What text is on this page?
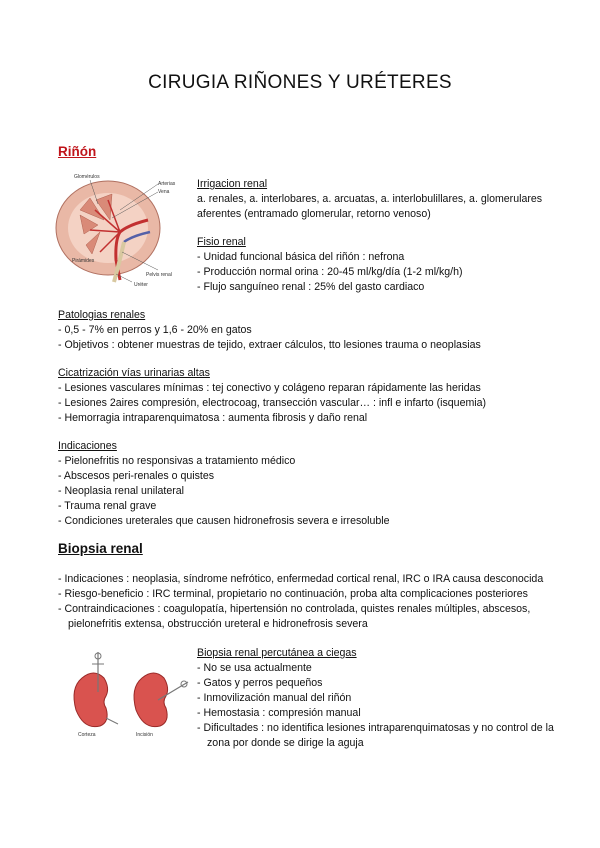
CIRUGIA RIÑONES Y URÉTERES
Riñón
Glomérulos
Arterias
Vena
Pirámides
Pelvis renal
Uréter
Irrigacion renal
a. renales, a. interlobares, a. arcuatas, a. interlobulillares, a. glomerulares
aferentes (entramado glomerular, retorno venoso)
Fisio renal
- Unidad funcional básica del riñón : nefrona
- Producción normal orina : 20-45 ml/kg/día (1-2 ml/kg/h)
- Flujo sanguíneo renal : 25% del gasto cardiaco
Patologias renales
- 0,5 - 7% en perros y 1,6 - 20% en gatos
- Objetivos : obtener muestras de tejido, extraer cálculos, tto lesiones trauma o neoplasias
Cicatrización vías urinarias altas
- Lesiones vasculares mínimas : tej conectivo y colágeno reparan rápidamente las heridas
- Lesiones 2aires compresión, electrocoag, transección vascular… : infl e infarto (isquemia)
- Hemorragia intraparenquimatosa : aumenta fibrosis y daño renal
Indicaciones
- Pielonefritis no responsivas a tratamiento médico
- Abscesos peri-renales o quistes
- Neoplasia renal unilateral
- Trauma renal grave
- Condiciones ureterales que causen hidronefrosis severa e irresoluble
Biopsia renal
- Indicaciones : neoplasia, síndrome nefrótico, enfermedad cortical renal, IRC o IRA causa desconocida
- Riesgo-beneficio : IRC terminal, propietario no continuación, proba alta complicaciones posteriores
- Contraindicaciones : coagulopatía, hipertensión no controlada, quistes renales múltiples, abscesos,
pielonefritis extensa, obstrucción ureteral e hidronefrosis severa
Corteza	Incisión
Biopsia renal percutánea a ciegas
- No se usa actualmente
- Gatos y perros pequeños
- Inmovilización manual del riñón
- Hemostasia : compresión manual
- Dificultades : no identifica lesiones intraparenquimatosas y no control de la
zona por donde se dirige la aguja
